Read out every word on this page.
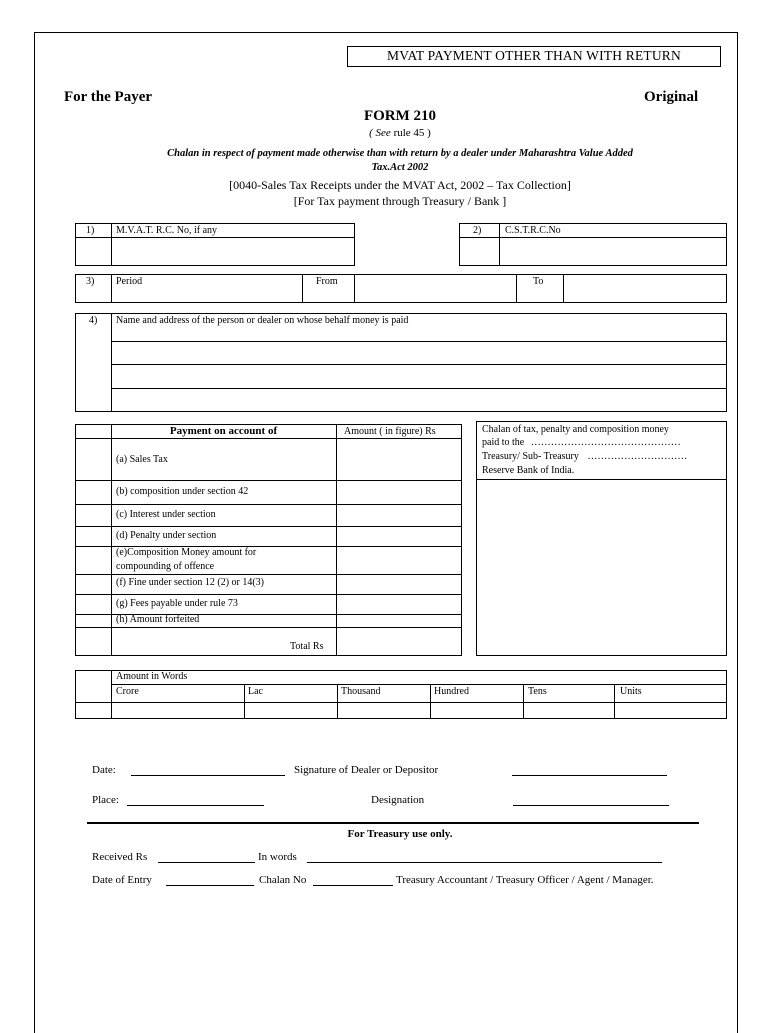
MVAT PAYMENT OTHER THAN WITH RETURN
For the Payer	Original
FORM 210
( See rule 45 )
Chalan in respect of payment made otherwise than with return by a dealer under Maharashtra Value Added
Tax.Act 2002
[0040-Sales Tax Receipts under the MVAT Act, 2002 – Tax Collection]
[For Tax payment through Treasury / Bank ]
1) M.V.A.T. R.C. No, if any	2) C.S.T.R.C.No
3) Period	From	To
4) Name and address of the person or dealer on whose behalf money is paid
Payment on account of	Amount ( in figure) Rs
(a) Sales Tax
(b) composition under section 42
(c) Interest under section
(d) Penalty under section
(e)Composition Money amount for
compounding of offence
(f) Fine under section 12 (2) or 14(3)
(g) Fees payable under rule 73
(h) Amount forfeited
Total Rs
Chalan of tax, penalty and composition money
paid to the ………………………………………
Treasury/ Sub- Treasury …………………………
Reserve Bank of India.
Amount in Words
Crore	Lac	Thousand	Hundred	Tens	Units
Date:	Signature of Dealer or Depositor
Place:	Designation
For Treasury use only.
Received Rs	In words
Date of Entry	Chalan No	Treasury Accountant / Treasury Officer / Agent / Manager.
